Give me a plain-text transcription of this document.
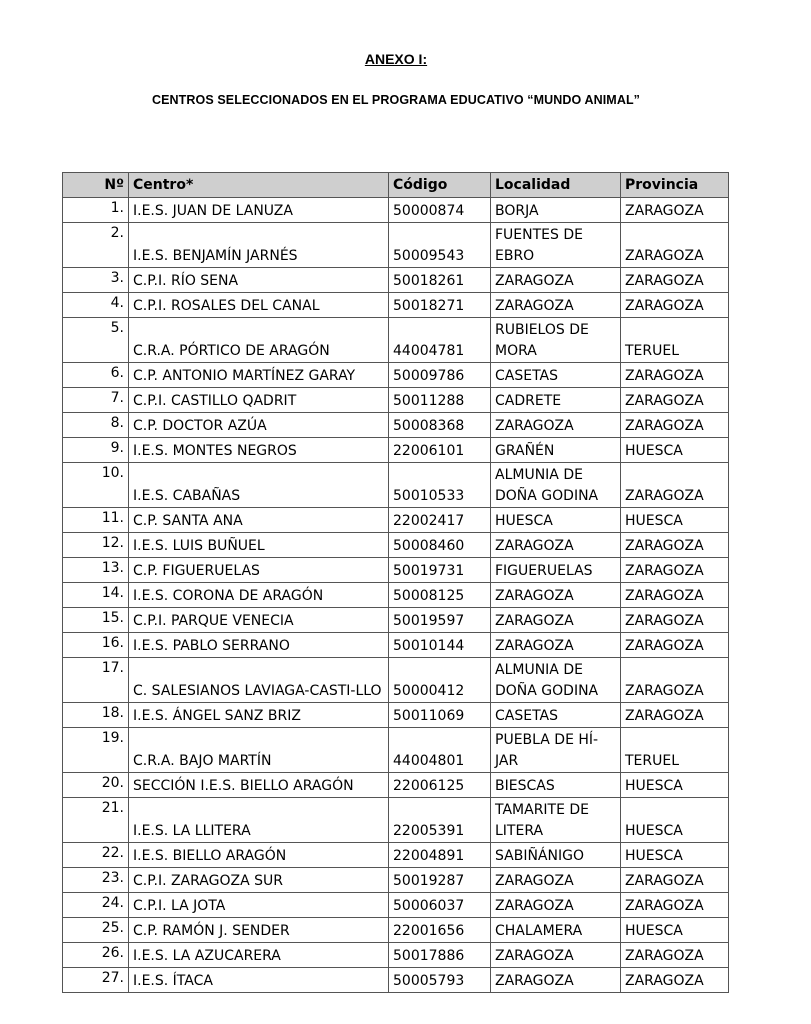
ANEXO I:
CENTROS SELECCIONADOS EN EL PROGRAMA EDUCATIVO “MUNDO ANIMAL”
Nº	Centro*	Código	Localidad	Provincia
1.	I.E.S. JUAN DE LANUZA	50000874	BORJA	ZARAGOZA
2.	I.E.S. BENJAMÍN JARNÉS	50009543	FUENTES DE EBRO	ZARAGOZA
3.	C.P.I. RÍO SENA	50018261	ZARAGOZA	ZARAGOZA
4.	C.P.I. ROSALES DEL CANAL	50018271	ZARAGOZA	ZARAGOZA
5.	C.R.A. PÓRTICO DE ARAGÓN	44004781	RUBIELOS DE MORA	TERUEL
6.	C.P. ANTONIO MARTÍNEZ GARAY	50009786	CASETAS	ZARAGOZA
7.	C.P.I. CASTILLO QADRIT	50011288	CADRETE	ZARAGOZA
8.	C.P. DOCTOR AZÚA	50008368	ZARAGOZA	ZARAGOZA
9.	I.E.S. MONTES NEGROS	22006101	GRAÑÉN	HUESCA
10.	I.E.S. CABAÑAS	50010533	ALMUNIA DE DOÑA GODINA	ZARAGOZA
11.	C.P. SANTA ANA	22002417	HUESCA	HUESCA
12.	I.E.S. LUIS BUÑUEL	50008460	ZARAGOZA	ZARAGOZA
13.	C.P. FIGUERUELAS	50019731	FIGUERUELAS	ZARAGOZA
14.	I.E.S. CORONA DE ARAGÓN	50008125	ZARAGOZA	ZARAGOZA
15.	C.P.I. PARQUE VENECIA	50019597	ZARAGOZA	ZARAGOZA
16.	I.E.S. PABLO SERRANO	50010144	ZARAGOZA	ZARAGOZA
17.	C. SALESIANOS LAVIAGA-CASTI-LLO	50000412	ALMUNIA DE DOÑA GODINA	ZARAGOZA
18.	I.E.S. ÁNGEL SANZ BRIZ	50011069	CASETAS	ZARAGOZA
19.	C.R.A. BAJO MARTÍN	44004801	PUEBLA DE HÍ-JAR	TERUEL
20.	SECCIÓN I.E.S. BIELLO ARAGÓN	22006125	BIESCAS	HUESCA
21.	I.E.S. LA LLITERA	22005391	TAMARITE DE LITERA	HUESCA
22.	I.E.S. BIELLO ARAGÓN	22004891	SABIÑÁNIGO	HUESCA
23.	C.P.I. ZARAGOZA SUR	50019287	ZARAGOZA	ZARAGOZA
24.	C.P.I. LA JOTA	50006037	ZARAGOZA	ZARAGOZA
25.	C.P. RAMÓN J. SENDER	22001656	CHALAMERA	HUESCA
26.	I.E.S. LA AZUCARERA	50017886	ZARAGOZA	ZARAGOZA
27.	I.E.S. ÍTACA	50005793	ZARAGOZA	ZARAGOZA
